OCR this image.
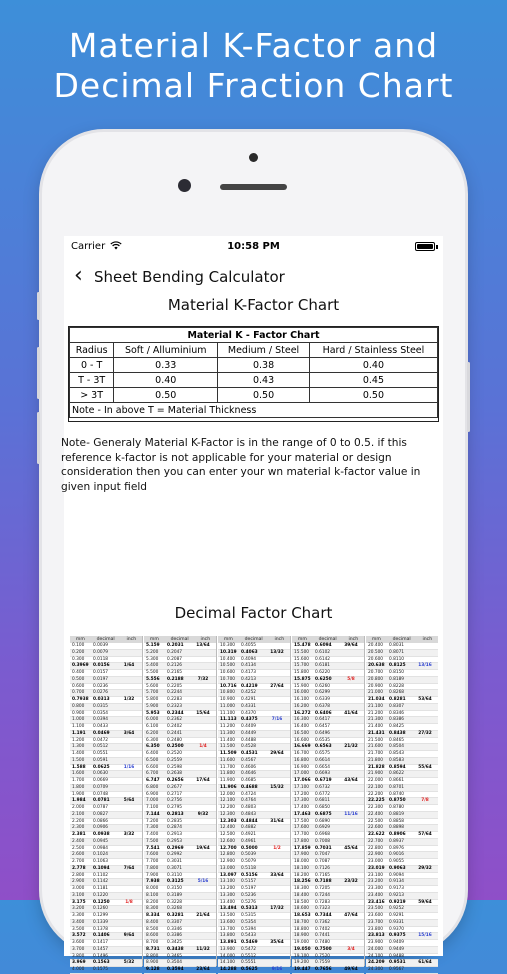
Material K-Factor and
Decimal Fraction Chart
Carrier	10:58 PM
‹ Sheet Bending Calculator
Material K-Factor Chart
Material K - Factor Chart			
Radius	Soft / Alluminium	Medium / Steel	Hard / Stainless Steel
0 - T	0.33	0.38	0.40
T - 3T	0.40	0.43	0.45
> 3T	0.50	0.50	0.50
Note - In above T = Material Thickness			
Note- Generaly Material K-Factor is in the range of 0 to 0.5. if this reference k-factor is not applicable for your material or design consideration then you can enter your wn material k-factor value in given input field
Decimal Factor Chart
mm	decimal	inch
0.100	0.0039
0.200	0.0079
0.300	0.0118
0.3969	0.0156	1/64
0.400	0.0157
0.500	0.0197
0.600	0.0236
0.700	0.0276
0.7938	0.0313	1/32
0.800	0.0315
0.900	0.0354
1.000	0.0394
1.100	0.0433
1.191	0.0469	3/64
1.200	0.0472
1.300	0.0512
1.400	0.0551
1.500	0.0591
1.588	0.0625	1/16
1.600	0.0630
1.700	0.0669
1.800	0.0709
1.900	0.0748
1.984	0.0781	5/64
2.000	0.0787
2.100	0.0827
2.200	0.0866
2.300	0.0906
2.381	0.0938	3/32
2.400	0.0945
2.500	0.0984
2.600	0.1024
2.700	0.1063
2.778	0.1094	7/64
2.800	0.1102
2.900	0.1142
3.000	0.1181
3.100	0.1220
3.175	0.1250	1/8
3.200	0.1260
3.300	0.1299
3.400	0.1339
3.500	0.1378
3.572	0.1406	9/64
3.600	0.1417
3.700	0.1457
3.800	0.1496
3.969	0.1563	5/32
4.000	0.1575
mm	decimal	inch
5.159	0.2031	13/64
5.200	0.2047
5.300	0.2087
5.400	0.2126
5.500	0.2165
5.556	0.2188	7/32
5.600	0.2205
5.700	0.2244
5.800	0.2283
5.900	0.2323
5.953	0.2344	15/64
6.000	0.2362
6.100	0.2402
6.200	0.2441
6.300	0.2480
6.350	0.2500	1/4
6.400	0.2520
6.500	0.2559
6.600	0.2598
6.700	0.2638
6.747	0.2656	17/64
6.800	0.2677
6.900	0.2717
7.000	0.2756
7.100	0.2795
7.144	0.2813	9/32
7.200	0.2835
7.300	0.2874
7.400	0.2913
7.500	0.2953
7.541	0.2969	19/64
7.600	0.2992
7.700	0.3031
7.800	0.3071
7.900	0.3110
7.938	0.3125	5/16
8.000	0.3150
8.100	0.3189
8.200	0.3228
8.300	0.3268
8.334	0.3281	21/64
8.400	0.3307
8.500	0.3346
8.600	0.3386
8.700	0.3425
8.731	0.3438	11/32
8.800	0.3465
8.900	0.3504
9.128	0.3594	23/64
mm	decimal	inch
10.300	0.4055
10.319	0.4063	13/32
10.400	0.4094
10.500	0.4134
10.600	0.4173
10.700	0.4213
10.716	0.4219	27/64
10.800	0.4252
10.900	0.4291
11.000	0.4331
11.100	0.4370
11.113	0.4375	7/16
11.200	0.4409
11.300	0.4449
11.400	0.4488
11.500	0.4528
11.509	0.4531	29/64
11.600	0.4567
11.700	0.4606
11.800	0.4646
11.900	0.4685
11.906	0.4688	15/32
12.000	0.4724
12.100	0.4764
12.200	0.4803
12.300	0.4843
12.303	0.4844	31/64
12.400	0.4882
12.500	0.4921
12.600	0.4961
12.700	0.5000	1/2
12.800	0.5039
12.900	0.5079
13.000	0.5118
13.097	0.5156	33/64
13.100	0.5157
13.200	0.5197
13.300	0.5236
13.400	0.5276
13.494	0.5313	17/32
13.500	0.5315
13.600	0.5354
13.700	0.5394
13.800	0.5433
13.891	0.5469	35/64
13.900	0.5472
14.000	0.5512
14.100	0.5551
14.288	0.5625	9/16
mm	decimal	inch
15.478	0.6094	39/64
15.500	0.6102
15.600	0.6142
15.700	0.6181
15.800	0.6220
15.875	0.6250	5/8
15.900	0.6260
16.000	0.6299
16.100	0.6339
16.200	0.6378
16.272	0.6406	41/64
16.300	0.6417
16.400	0.6457
16.500	0.6496
16.600	0.6535
16.669	0.6563	21/32
16.700	0.6575
16.800	0.6614
16.900	0.6654
17.000	0.6693
17.066	0.6719	43/64
17.100	0.6732
17.200	0.6772
17.300	0.6811
17.400	0.6850
17.463	0.6875	11/16
17.500	0.6890
17.600	0.6929
17.700	0.6968
17.800	0.7008
17.859	0.7031	45/64
17.900	0.7047
18.000	0.7087
18.100	0.7126
18.200	0.7165
18.256	0.7188	23/32
18.300	0.7205
18.400	0.7244
18.500	0.7283
18.600	0.7323
18.653	0.7344	47/64
18.700	0.7362
18.800	0.7402
18.900	0.7441
19.000	0.7480
19.050	0.7500	3/4
19.100	0.7520
19.200	0.7559
19.447	0.7656	49/64
mm	decimal	inch
20.400	0.8031
20.500	0.8071
20.600	0.8110
20.638	0.8125	13/16
20.700	0.8150
20.800	0.8189
20.900	0.8228
21.000	0.8268
21.034	0.8281	53/64
21.100	0.8307
21.200	0.8346
21.300	0.8386
21.400	0.8425
21.431	0.8438	27/32
21.500	0.8465
21.600	0.8504
21.700	0.8543
21.800	0.8583
21.828	0.8594	55/64
21.900	0.8622
22.000	0.8661
22.100	0.8701
22.200	0.8740
22.225	0.8750	7/8
22.300	0.8780
22.400	0.8819
22.500	0.8858
22.600	0.8898
22.622	0.8906	57/64
22.700	0.8937
22.800	0.8976
22.900	0.9016
23.000	0.9055
23.019	0.9063	29/32
23.100	0.9094
23.200	0.9134
23.300	0.9173
23.400	0.9213
23.416	0.9219	59/64
23.500	0.9252
23.600	0.9291
23.700	0.9331
23.800	0.9370
23.813	0.9375	15/16
23.900	0.9409
24.000	0.9449
24.100	0.9488
24.209	0.9531	61/64
24.300	0.9567
